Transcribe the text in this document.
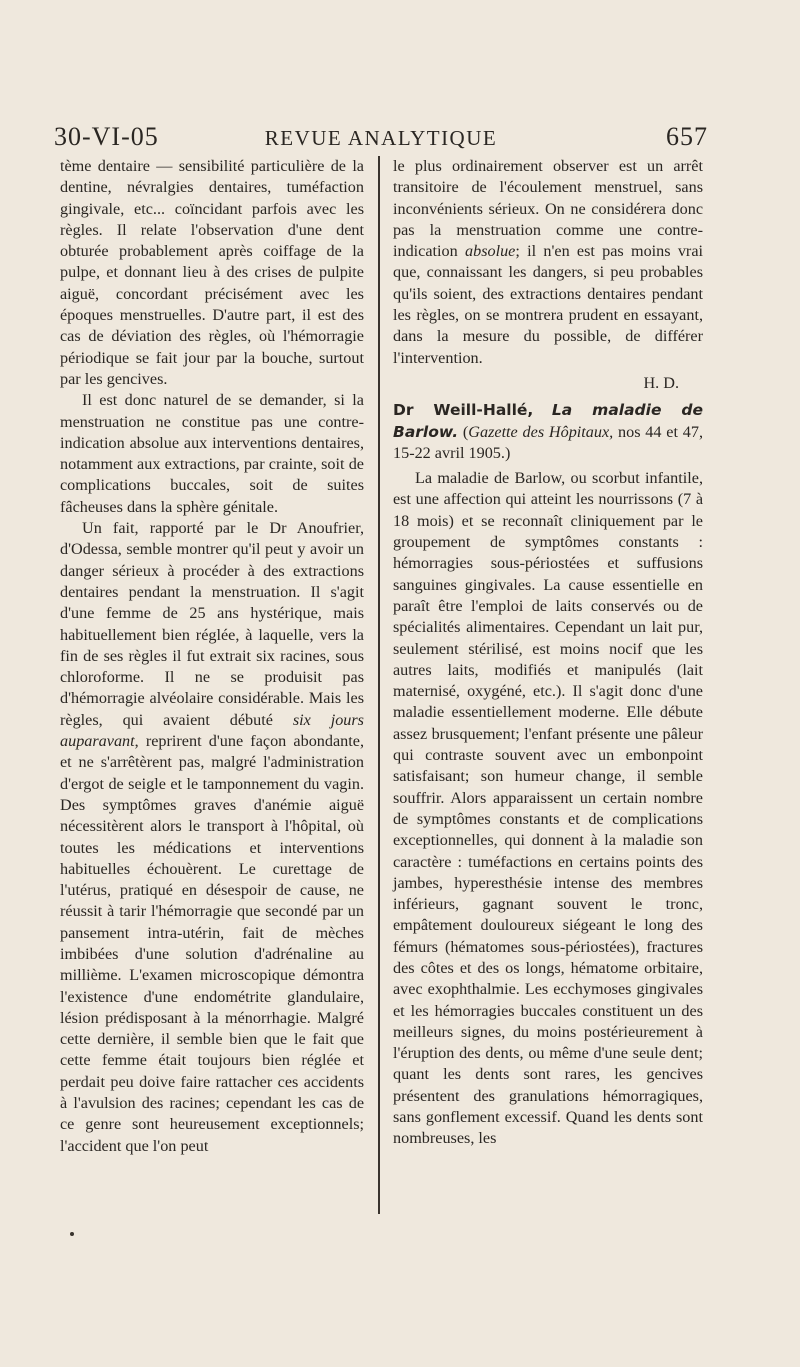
30-VI-05	REVUE ANALYTIQUE	657

tème dentaire — sensibilité particulière de la dentine, névralgies dentaires, tuméfaction gingivale, etc... coïncidant parfois avec les règles. Il relate l'observation d'une dent obturée probablement après coiffage de la pulpe, et donnant lieu à des crises de pulpite aiguë, concordant précisément avec les époques menstruelles. D'autre part, il est des cas de déviation des règles, où l'hémorragie périodique se fait jour par la bouche, surtout par les gencives.

Il est donc naturel de se demander, si la menstruation ne constitue pas une contre-indication absolue aux interventions dentaires, notamment aux extractions, par crainte, soit de complications buccales, soit de suites fâcheuses dans la sphère génitale.

Un fait, rapporté par le Dr Anoufrier, d'Odessa, semble montrer qu'il peut y avoir un danger sérieux à procéder à des extractions dentaires pendant la menstruation. Il s'agit d'une femme de 25 ans hystérique, mais habituellement bien réglée, à laquelle, vers la fin de ses règles il fut extrait six racines, sous chloroforme. Il ne se produisit pas d'hémorragie alvéolaire considérable. Mais les règles, qui avaient débuté six jours auparavant, reprirent d'une façon abondante, et ne s'arrêtèrent pas, malgré l'administration d'ergot de seigle et le tamponnement du vagin. Des symptômes graves d'anémie aiguë nécessitèrent alors le transport à l'hôpital, où toutes les médications et interventions habituelles échouèrent. Le curettage de l'utérus, pratiqué en désespoir de cause, ne réussit à tarir l'hémorragie que secondé par un pansement intra-utérin, fait de mèches imbibées d'une solution d'adrénaline au millième. L'examen microscopique démontra l'existence d'une endométrite glandulaire, lésion prédisposant à la ménorrhagie. Malgré cette dernière, il semble bien que le fait que cette femme était toujours bien réglée et perdait peu doive faire rattacher ces accidents à l'avulsion des racines; cependant les cas de ce genre sont heureusement exceptionnels; l'accident que l'on peut

le plus ordinairement observer est un arrêt transitoire de l'écoulement menstruel, sans inconvénients sérieux. On ne considérera donc pas la menstruation comme une contre-indication absolue; il n'en est pas moins vrai que, connaissant les dangers, si peu probables qu'ils soient, des extractions dentaires pendant les règles, on se montrera prudent en essayant, dans la mesure du possible, de différer l'intervention.

H. D.

Dr Weill-Hallé, La maladie de Barlow. (Gazette des Hôpitaux, nos 44 et 47, 15-22 avril 1905.)

La maladie de Barlow, ou scorbut infantile, est une affection qui atteint les nourrissons (7 à 18 mois) et se reconnaît cliniquement par le groupement de symptômes constants : hémorragies sous-périostées et suffusions sanguines gingivales. La cause essentielle en paraît être l'emploi de laits conservés ou de spécialités alimentaires. Cependant un lait pur, seulement stérilisé, est moins nocif que les autres laits, modifiés et manipulés (lait maternisé, oxygéné, etc.). Il s'agit donc d'une maladie essentiellement moderne. Elle débute assez brusquement; l'enfant présente une pâleur qui contraste souvent avec un embonpoint satisfaisant; son humeur change, il semble souffrir. Alors apparaissent un certain nombre de symptômes constants et de complications exceptionnelles, qui donnent à la maladie son caractère : tuméfactions en certains points des jambes, hyperesthésie intense des membres inférieurs, gagnant souvent le tronc, empâtement douloureux siégeant le long des fémurs (hématomes sous-périostées), fractures des côtes et des os longs, hématome orbitaire, avec exophthalmie. Les ecchymoses gingivales et les hémorragies buccales constituent un des meilleurs signes, du moins postérieurement à l'éruption des dents, ou même d'une seule dent; quant les dents sont rares, les gencives présentent des granulations hémorragiques, sans gonflement excessif. Quand les dents sont nombreuses, les
